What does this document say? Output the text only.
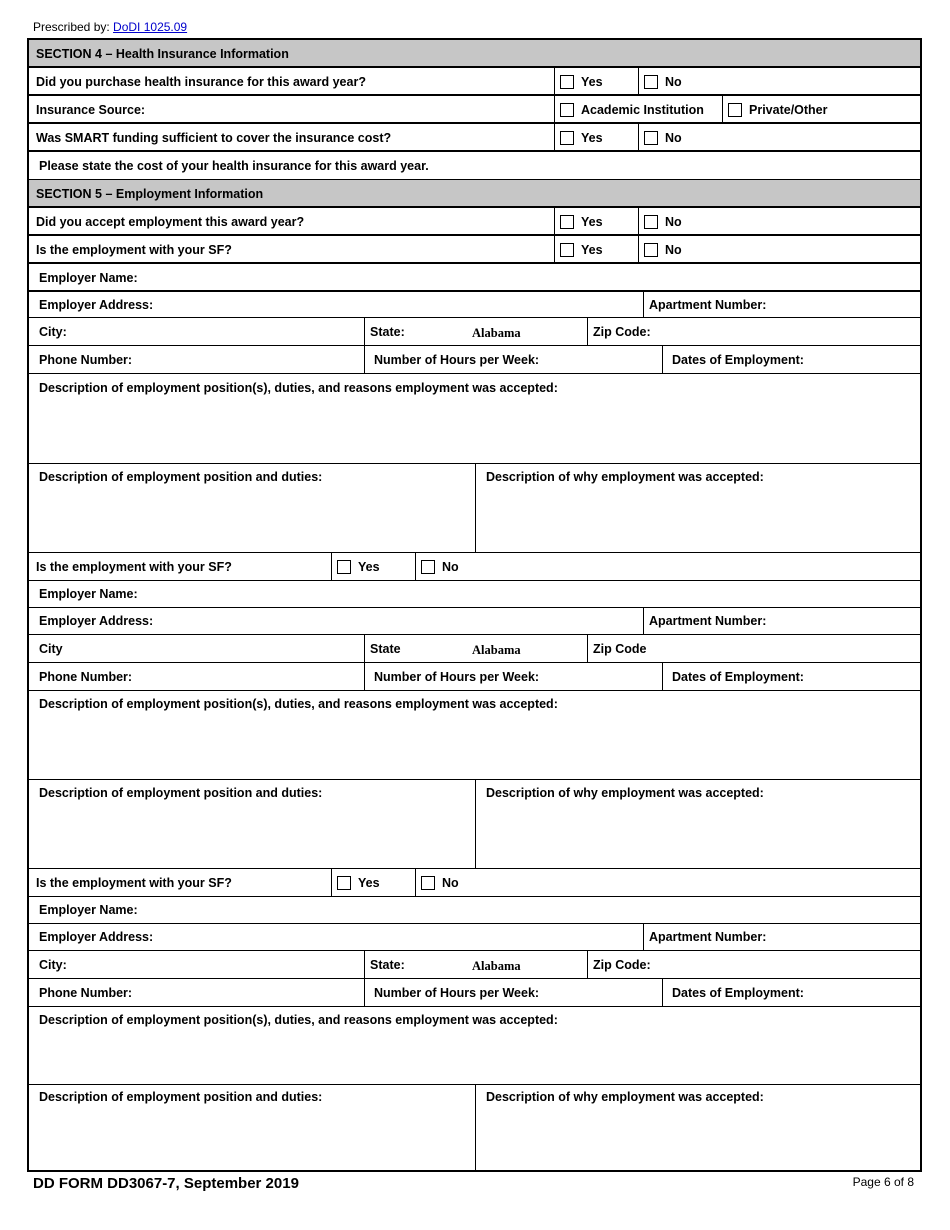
Prescribed by: DoDI 1025.09
SECTION 4 – Health Insurance Information
Did you purchase health insurance for this award year?	Yes	No
Insurance Source:	Academic Institution	Private/Other
Was SMART funding sufficient to cover the insurance cost?	Yes	No
Please state the cost of your health insurance for this award year.
SECTION 5 – Employment Information
Did you accept employment this award year?	Yes	No
Is the employment with your SF?	Yes	No
Employer Name:
Employer Address:	Apartment Number:
City:	State:	Alabama	Zip Code:
Phone Number:	Number of Hours per Week:	Dates of Employment:
Description of employment position(s), duties, and reasons employment was accepted:
Description of employment position and duties:	Description of why employment was accepted:
Is the employment with your SF?	Yes	No
Employer Name:
Employer Address:	Apartment Number:
City	State	Alabama	Zip Code
Phone Number:	Number of Hours per Week:	Dates of Employment:
Description of employment position(s), duties, and reasons employment was accepted:
Description of employment position and duties:	Description of why employment was accepted:
Is the employment with your SF?	Yes	No
Employer Name:
Employer Address:	Apartment Number:
City:	State:	Alabama	Zip Code:
Phone Number:	Number of Hours per Week:	Dates of Employment:
Description of employment position(s), duties, and reasons employment was accepted:
Description of employment position and duties:	Description of why employment was accepted:
DD FORM DD3067-7, September 2019	Page 6 of 8
